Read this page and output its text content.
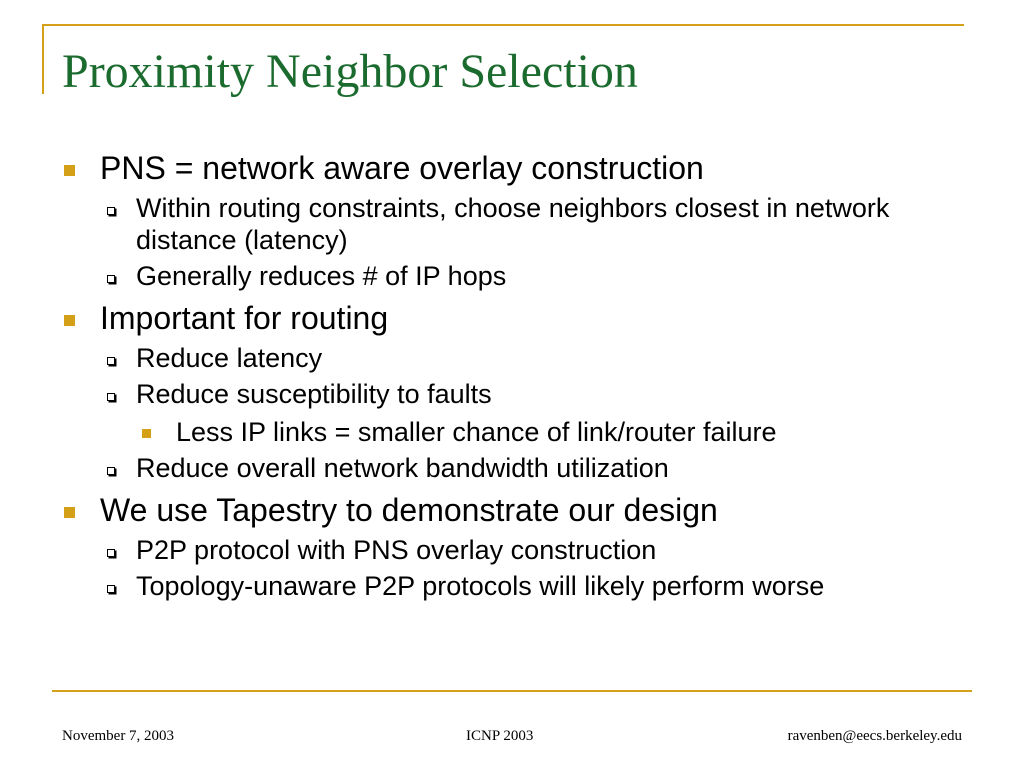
Proximity Neighbor Selection
PNS = network aware overlay construction
Within routing constraints, choose neighbors closest in network distance (latency)
Generally reduces # of IP hops
Important for routing
Reduce latency
Reduce susceptibility to faults
Less IP links = smaller chance of link/router failure
Reduce overall network bandwidth utilization
We use Tapestry to demonstrate our design
P2P protocol with PNS overlay construction
Topology-unaware P2P protocols will likely perform worse
November 7, 2003	ICNP 2003	ravenben@eecs.berkeley.edu
